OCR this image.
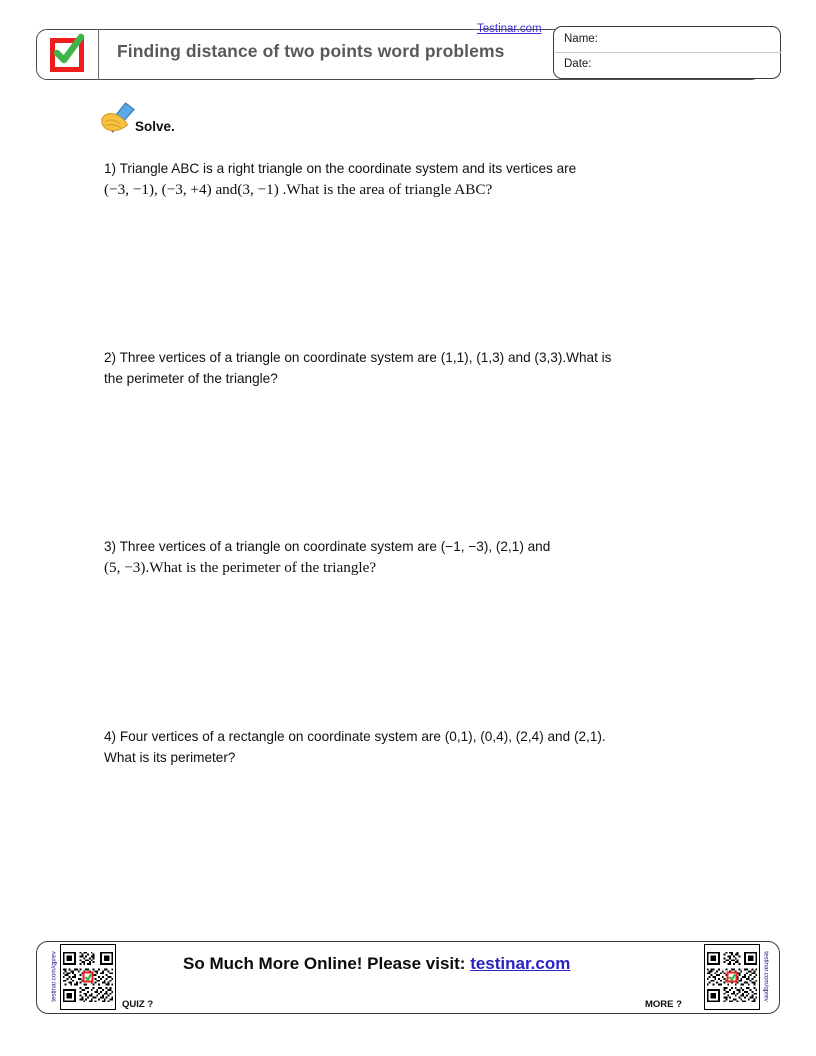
Finding distance of two points word problems
Testinar.com
Name:
Date:
Solve.
1) Triangle ABC is a right triangle on the coordinate system and its vertices are
(−3, −1), (−3, +4) and(3, −1) .What is the area of triangle ABC?
2) Three vertices of a triangle on coordinate system are (1,1), (1,3) and (3,3).What is
the perimeter of the triangle?
3) Three vertices of a triangle on coordinate system are (−1, −3), (2,1) and
(5, −3).What is the perimeter of the triangle?
4) Four vertices of a rectangle on coordinate system are (0,1), (0,4), (2,4) and (2,1).
What is its perimeter?
testinar.com/qprev
QUIZ ?
So Much More Online! Please visit: testinar.com
MORE ?
testinar.com/qprev
